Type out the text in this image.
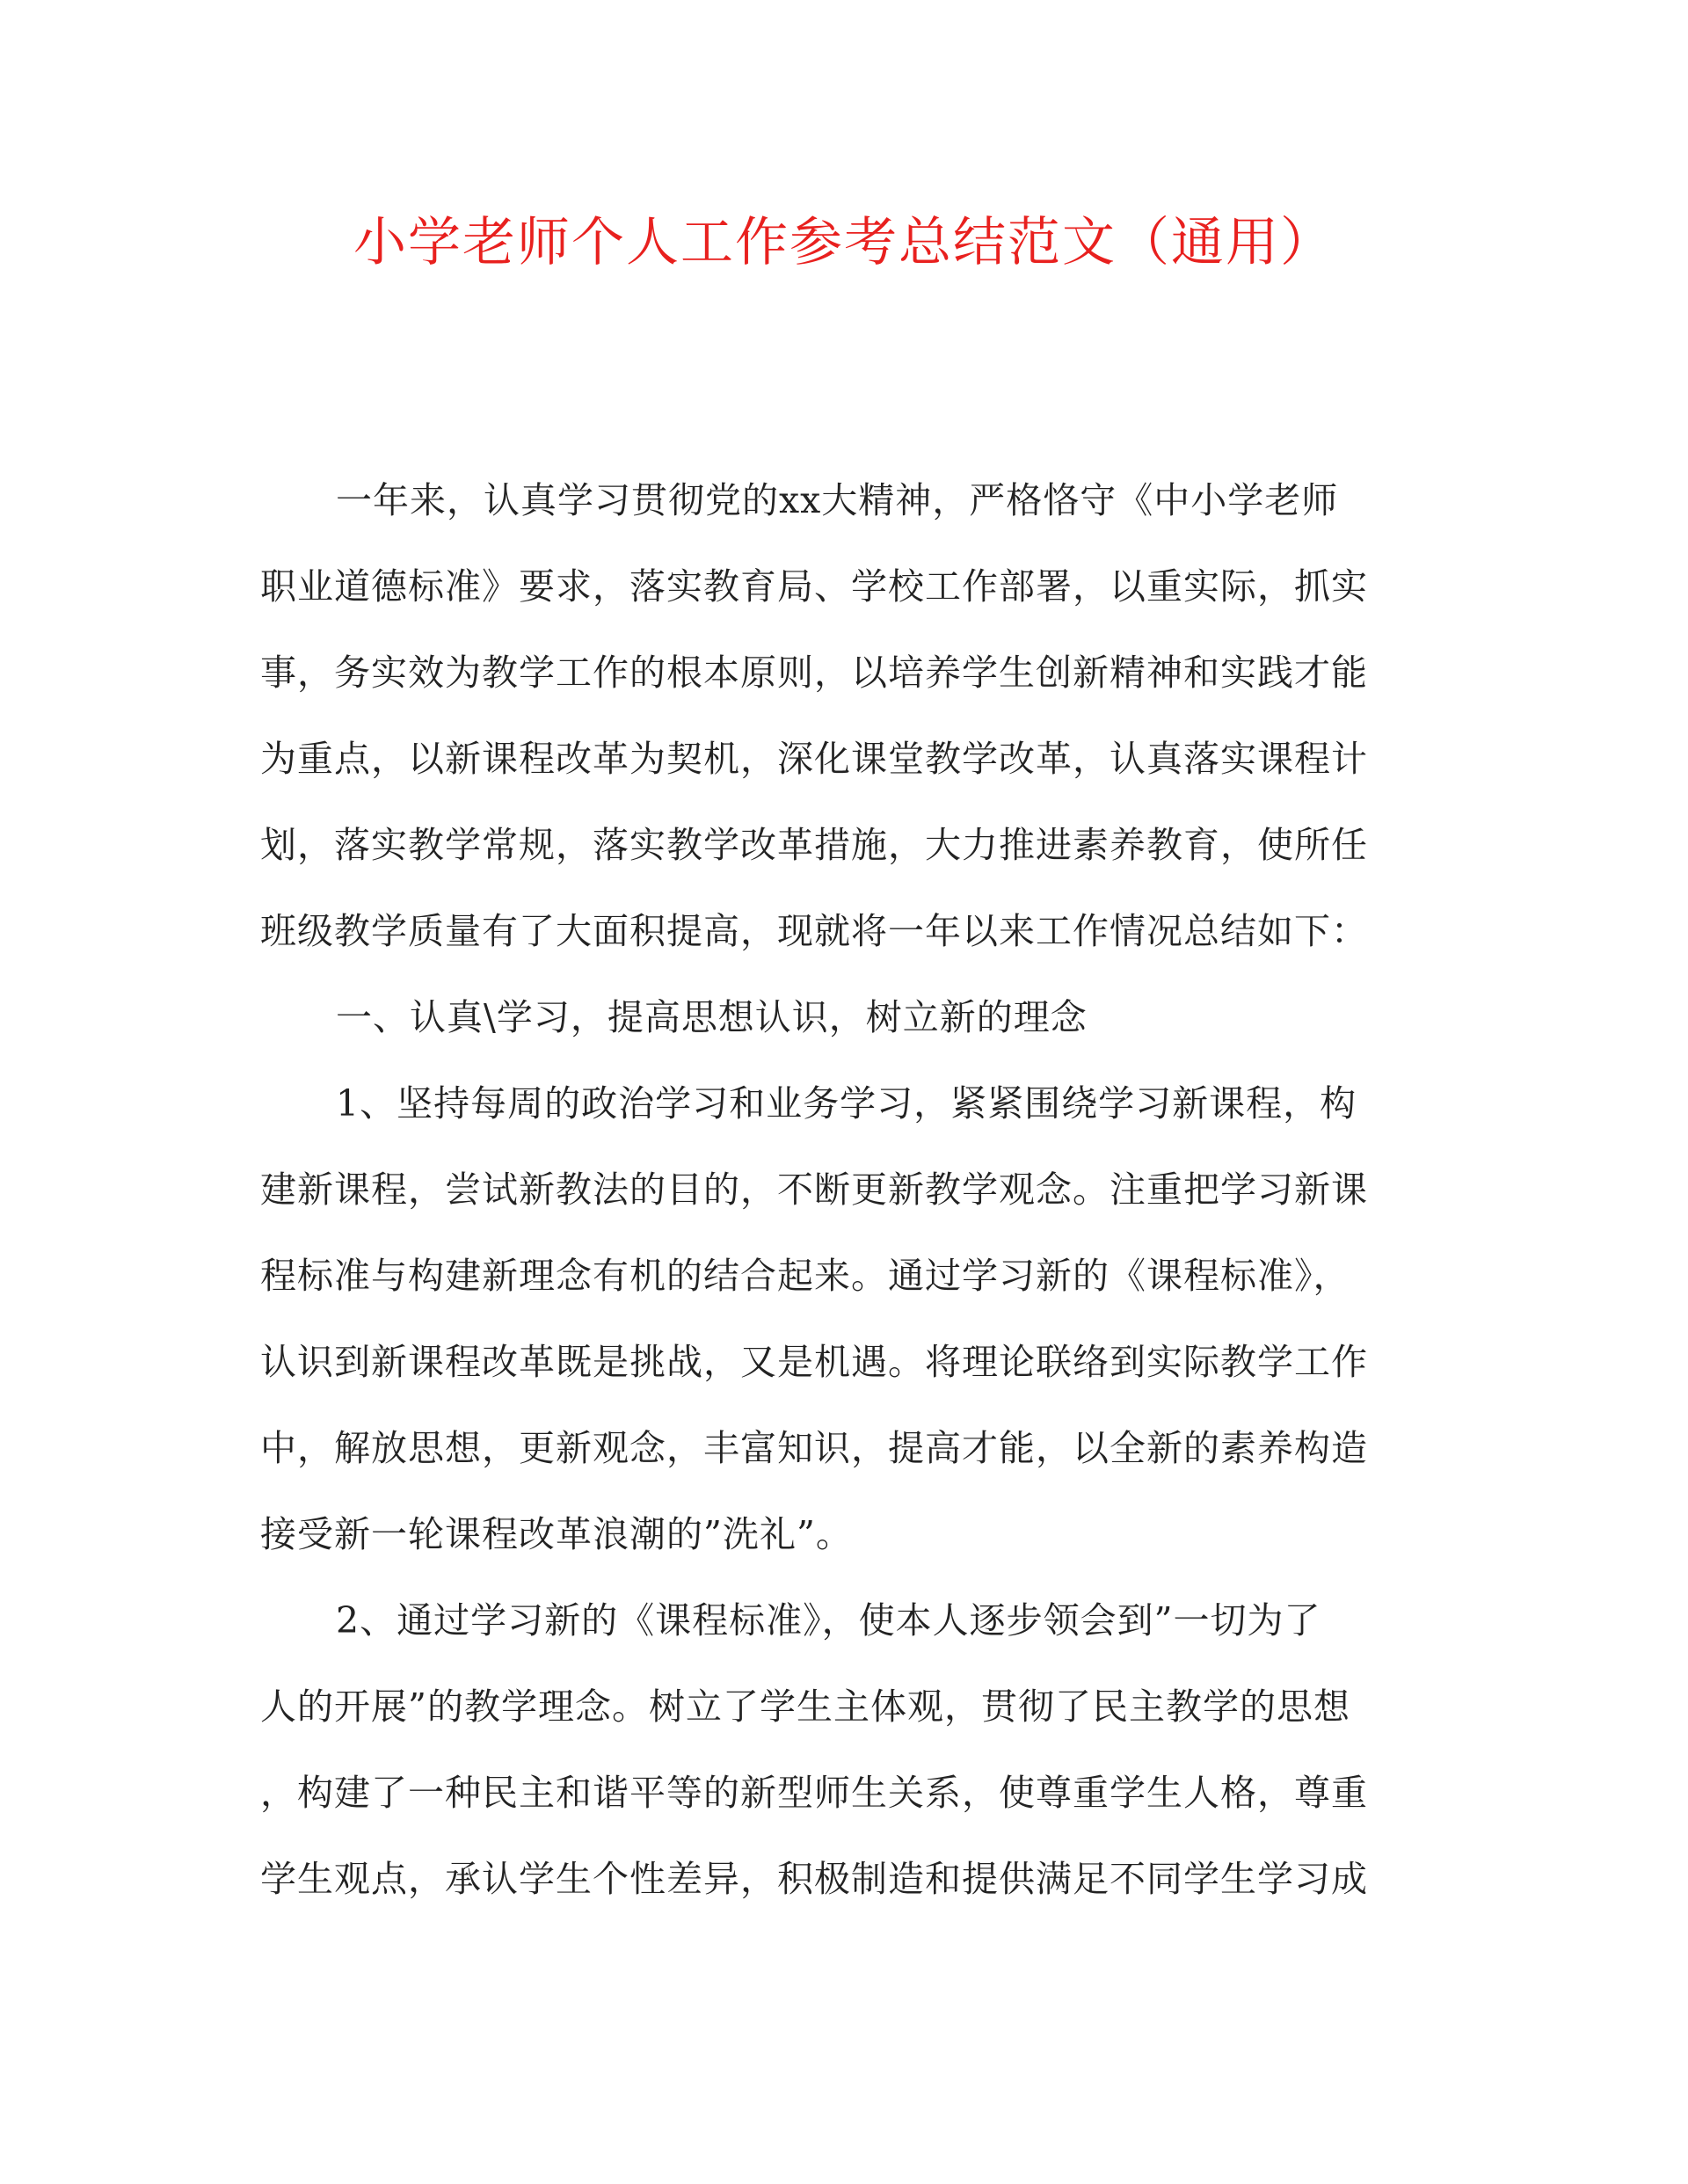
小学老师个人工作参考总结范文（通用）
一年来，认真学习贯彻党的xx大精神，严格恪守《中小学老师
职业道德标准》要求，落实教育局、学校工作部署，以重实际，抓实
事，务实效为教学工作的根本原则，以培养学生创新精神和实践才能
为重点，以新课程改革为契机，深化课堂教学改革，认真落实课程计
划，落实教学常规，落实教学改革措施，大力推进素养教育，使所任
班级教学质量有了大面积提高，现就将一年以来工作情况总结如下：
一、认真\学习，提高思想认识，树立新的理念
1、坚持每周的政治学习和业务学习，紧紧围绕学习新课程，构
建新课程，尝试新教法的目的，不断更新教学观念。注重把学习新课
程标准与构建新理念有机的结合起来。通过学习新的《课程标准》，
认识到新课程改革既是挑战，又是机遇。将理论联络到实际教学工作
中，解放思想，更新观念，丰富知识，提高才能，以全新的素养构造
接受新一轮课程改革浪潮的”洗礼”。
2、通过学习新的《课程标准》，使本人逐步领会到”一切为了
人的开展”的教学理念。树立了学生主体观，贯彻了民主教学的思想
，构建了一种民主和谐平等的新型师生关系，使尊重学生人格，尊重
学生观点，承认学生个性差异，积极制造和提供满足不同学生学习成
